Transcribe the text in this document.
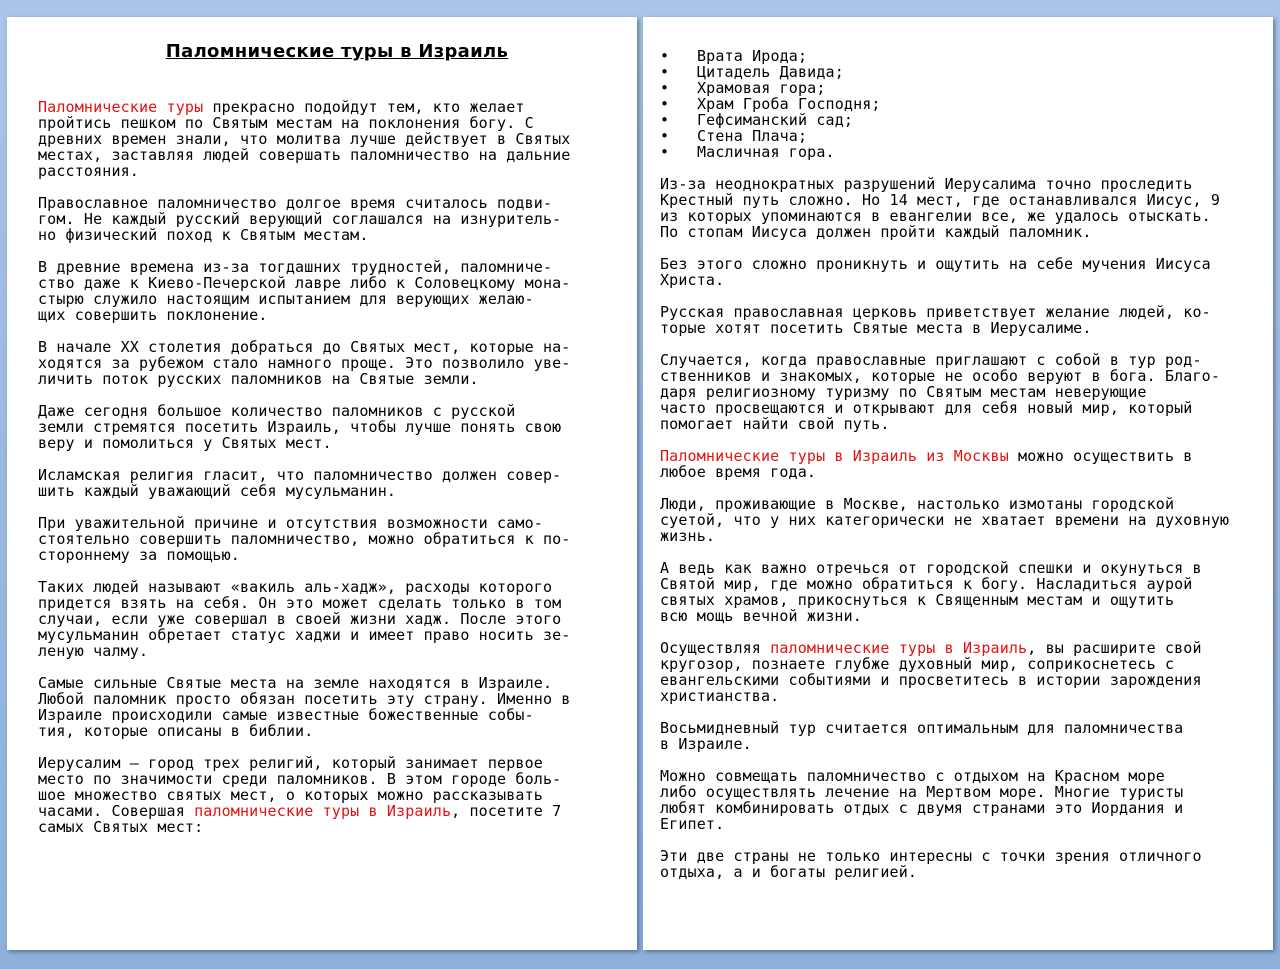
Паломнические туры в Израиль

Паломнические туры прекрасно подойдут тем, кто желает
пройтись пешком по Святым местам на поклонения богу. С
древних времен знали, что молитва лучше действует в Святых
местах, заставляя людей совершать паломничество на дальние
расстояния.

Православное паломничество долгое время считалось подви-
гом. Не каждый русский верующий соглашался на изнуритель-
но физический поход к Святым местам.

В древние времена из-за тогдашних трудностей, паломниче-
ство даже к Киево-Печерской лавре либо к Соловецкому мона-
стырю служило настоящим испытанием для верующих желаю-
щих совершить поклонение.

В начале XX столетия добраться до Святых мест, которые на-
ходятся за рубежом стало намного проще. Это позволило уве-
личить поток русских паломников на Святые земли.

Даже сегодня большое количество паломников с русской
земли стремятся посетить Израиль, чтобы лучше понять свою
веру и помолиться у Святых мест.

Исламская религия гласит, что паломничество должен совер-
шить каждый уважающий себя мусульманин.

При уважительной причине и отсутствия возможности само-
стоятельно совершить паломничество, можно обратиться к по-
стороннему за помощью.

Таких людей называют «вакиль аль-хадж», расходы которого
придется взять на себя. Он это может сделать только в том
случаи, если уже совершал в своей жизни хадж. После этого
мусульманин обретает статус хаджи и имеет право носить зе-
леную чалму.

Самые сильные Святые места на земле находятся в Израиле.
Любой паломник просто обязан посетить эту страну. Именно в
Израиле происходили самые известные божественные собы-
тия, которые описаны в библии.

Иерусалим – город трех религий, который занимает первое
место по значимости среди паломников. В этом городе боль-
шое множество святых мест, о которых можно рассказывать
часами. Совершая паломнические туры в Израиль, посетите 7
самых Святых мест:

• Врата Ирода;
• Цитадель Давида;
• Храмовая гора;
• Храм Гроба Господня;
• Гефсиманский сад;
• Стена Плача;
• Масличная гора.

Из-за неоднократных разрушений Иерусалима точно проследить
Крестный путь сложно. Но 14 мест, где останавливался Иисус, 9
из которых упоминаются в евангелии все, же удалось отыскать.
По стопам Иисуса должен пройти каждый паломник.

Без этого сложно проникнуть и ощутить на себе мучения Иисуса
Христа.

Русская православная церковь приветствует желание людей, ко-
торые хотят посетить Святые места в Иерусалиме.

Случается, когда православные приглашают с собой в тур род-
ственников и знакомых, которые не особо веруют в бога. Благо-
даря религиозному туризму по Святым местам неверующие
часто просвещаются и открывают для себя новый мир, который
помогает найти свой путь.

Паломнические туры в Израиль из Москвы можно осуществить в
любое время года.

Люди, проживающие в Москве, настолько измотаны городской
суетой, что у них категорически не хватает времени на духовную
жизнь.

А ведь как важно отречься от городской спешки и окунуться в
Святой мир, где можно обратиться к богу. Насладиться аурой
святых храмов, прикоснуться к Священным местам и ощутить
всю мощь вечной жизни.

Осуществляя паломнические туры в Израиль, вы расширите свой
кругозор, познаете глубже духовный мир, соприкоснетесь с
евангельскими событиями и просветитесь в истории зарождения
христианства.

Восьмидневный тур считается оптимальным для паломничества
в Израиле.

Можно совмещать паломничество с отдыхом на Красном море
либо осуществлять лечение на Мертвом море. Многие туристы
любят комбинировать отдых с двумя странами это Иордания и
Египет.

Эти две страны не только интересны с точки зрения отличного
отдыха, а и богаты религией.
